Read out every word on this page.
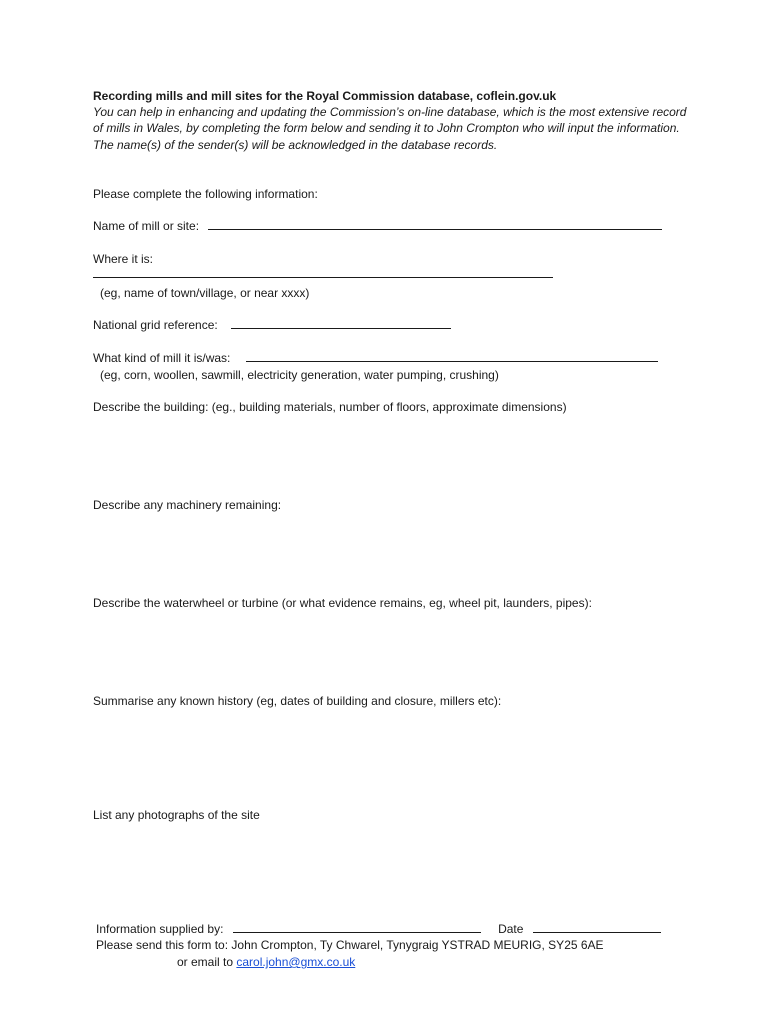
Recording mills and mill sites for the Royal Commission database, coflein.gov.uk
You can help in enhancing and updating the Commission’s on-line database, which is the most extensive record of mills in Wales, by completing the form below and sending it to John Crompton who will input the information. The name(s) of the sender(s) will be acknowledged in the database records.
Please complete the following information:
Name of mill or site:
Where it is:
(eg, name of town/village, or near xxxx)
National grid reference:
What kind of mill it is/was:
(eg, corn, woollen, sawmill, electricity generation, water pumping, crushing)
Describe the building: (eg., building materials, number of floors, approximate dimensions)
Describe any machinery remaining:
Describe the waterwheel or turbine (or what evidence remains, eg, wheel pit, launders, pipes):
Summarise any known history (eg, dates of building and closure, millers etc):
List any photographs of the site
Information supplied by:	Date
Please send this form to: John Crompton, Ty Chwarel, Tynygraig YSTRAD MEURIG, SY25 6AE
or email to carol.john@gmx.co.uk
